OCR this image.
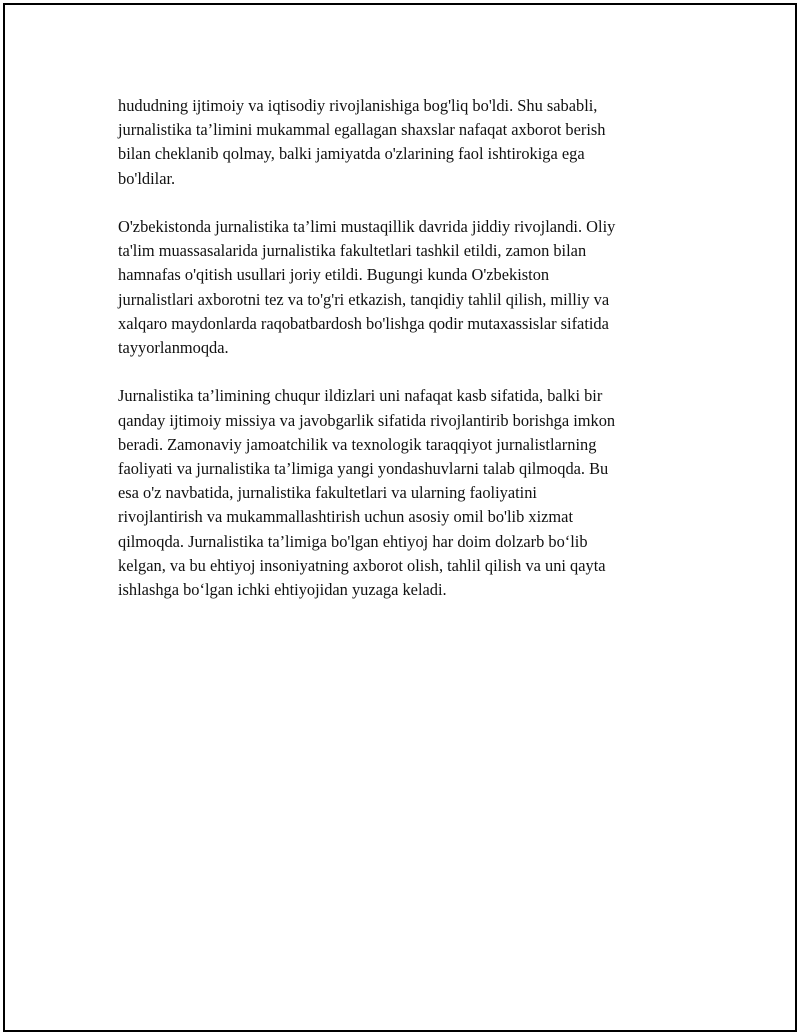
hududning ijtimoiy va iqtisodiy rivojlanishiga bog'liq bo'ldi. Shu sababli,
jurnalistika ta’limini mukammal egallagan shaxslar nafaqat axborot berish
bilan cheklanib qolmay, balki jamiyatda o'zlarining faol ishtirokiga ega
bo'ldilar.

O'zbekistonda jurnalistika ta’limi mustaqillik davrida jiddiy rivojlandi. Oliy
ta'lim muassasalarida jurnalistika fakultetlari tashkil etildi, zamon bilan
hamnafas o'qitish usullari joriy etildi. Bugungi kunda O'zbekiston
jurnalistlari axborotni tez va to'g'ri etkazish, tanqidiy tahlil qilish, milliy va
xalqaro maydonlarda raqobatbardosh bo'lishga qodir mutaxassislar sifatida
tayyorlanmoqda.

Jurnalistika ta’limining chuqur ildizlari uni nafaqat kasb sifatida, balki bir
qanday ijtimoiy missiya va javobgarlik sifatida rivojlantirib borishga imkon
beradi. Zamonaviy jamoatchilik va texnologik taraqqiyot jurnalistlarning
faoliyati va jurnalistika ta’limiga yangi yondashuvlarni talab qilmoqda. Bu
esa o'z navbatida, jurnalistika fakultetlari va ularning faoliyatini
rivojlantirish va mukammallashtirish uchun asosiy omil bo'lib xizmat
qilmoqda. Jurnalistika ta’limiga bo'lgan ehtiyoj har doim dolzarb bo‘lib
kelgan, va bu ehtiyoj insoniyatning axborot olish, tahlil qilish va uni qayta
ishlashga bo‘lgan ichki ehtiyojidan yuzaga keladi.
